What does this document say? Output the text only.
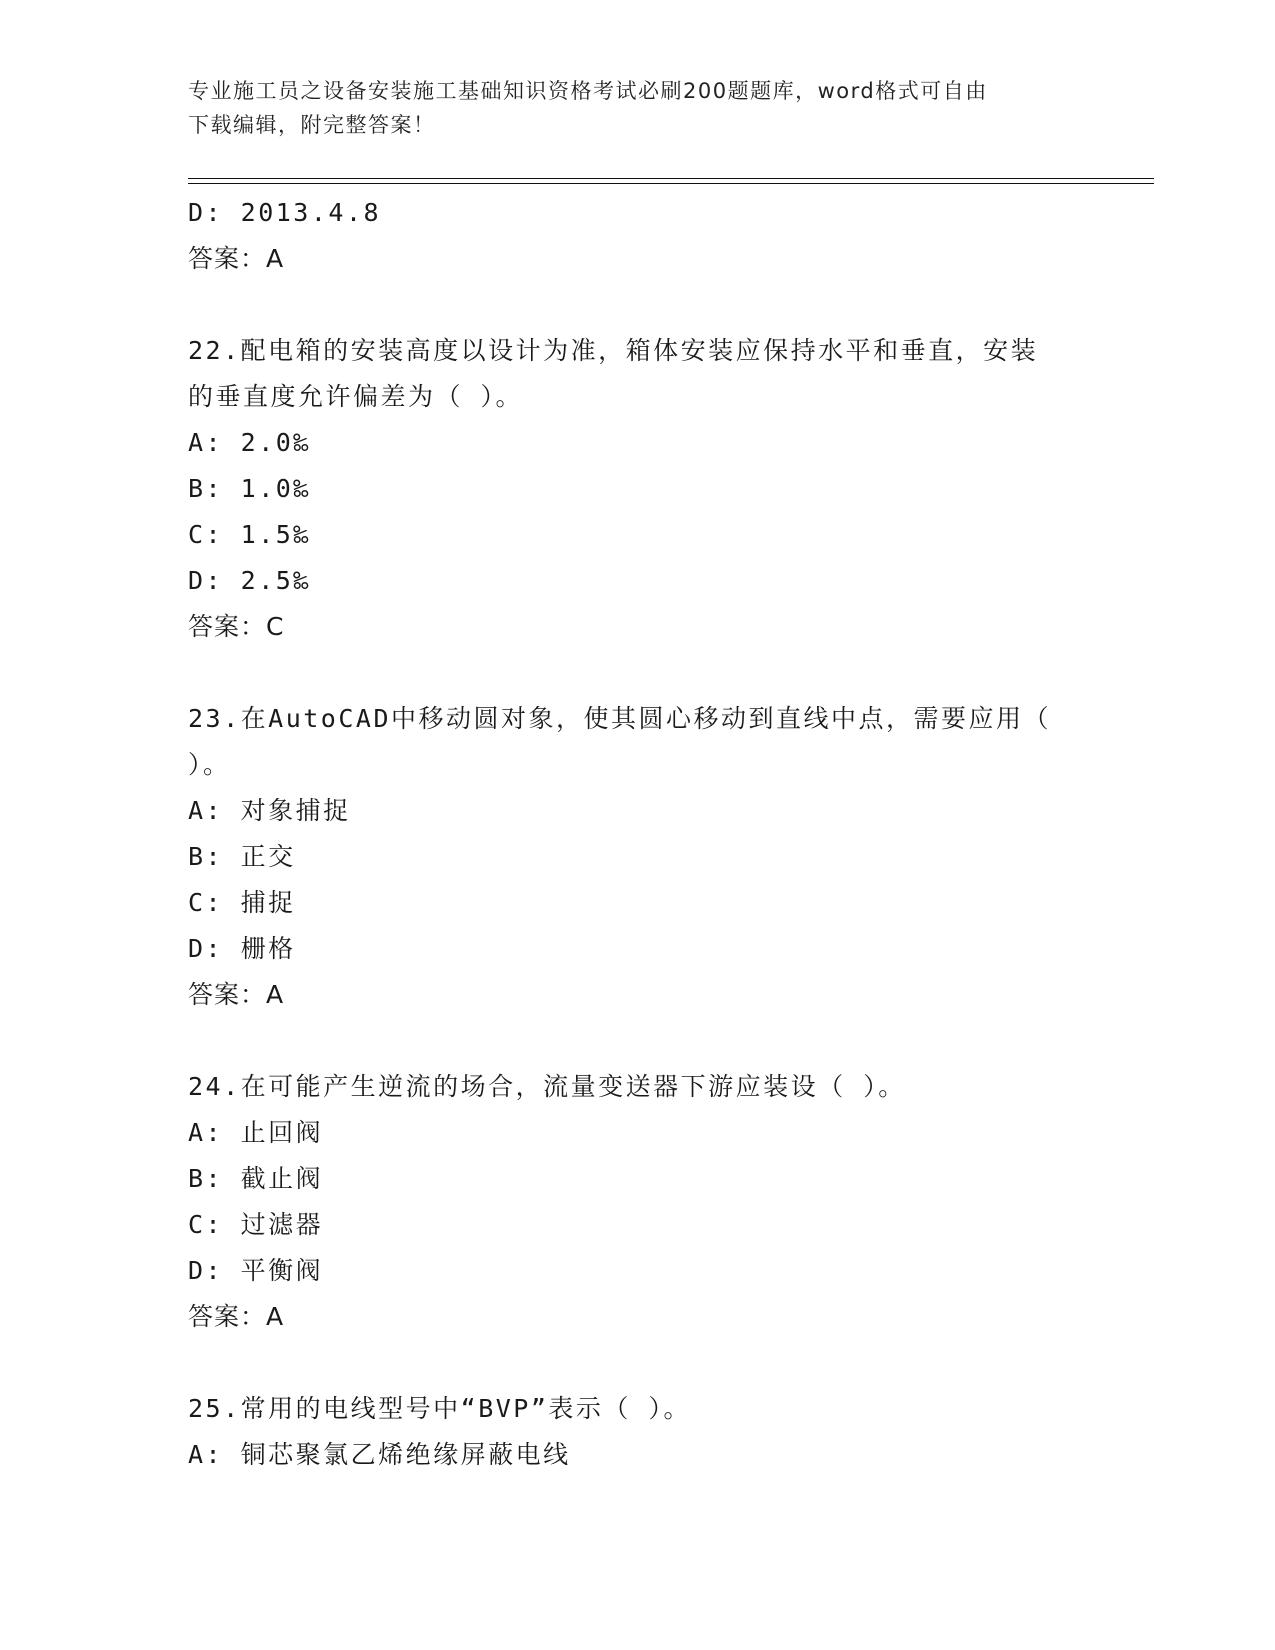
专业施工员之设备安装施工基础知识资格考试必刷200题题库，word格式可自由
下载编辑，附完整答案！
D: 2013.4.8
答案：A
22.配电箱的安装高度以设计为准，箱体安装应保持水平和垂直，安装
的垂直度允许偏差为（ ）。
A: 2.0‰
B: 1.0‰
C: 1.5‰
D: 2.5‰
答案：C
23.在AutoCAD中移动圆对象，使其圆心移动到直线中点，需要应用（
）。
A: 对象捕捉
B: 正交
C: 捕捉
D: 栅格
答案：A
24.在可能产生逆流的场合，流量变送器下游应装设（ ）。
A: 止回阀
B: 截止阀
C: 过滤器
D: 平衡阀
答案：A
25.常用的电线型号中“BVP”表示（ ）。
A: 铜芯聚氯乙烯绝缘屏蔽电线
